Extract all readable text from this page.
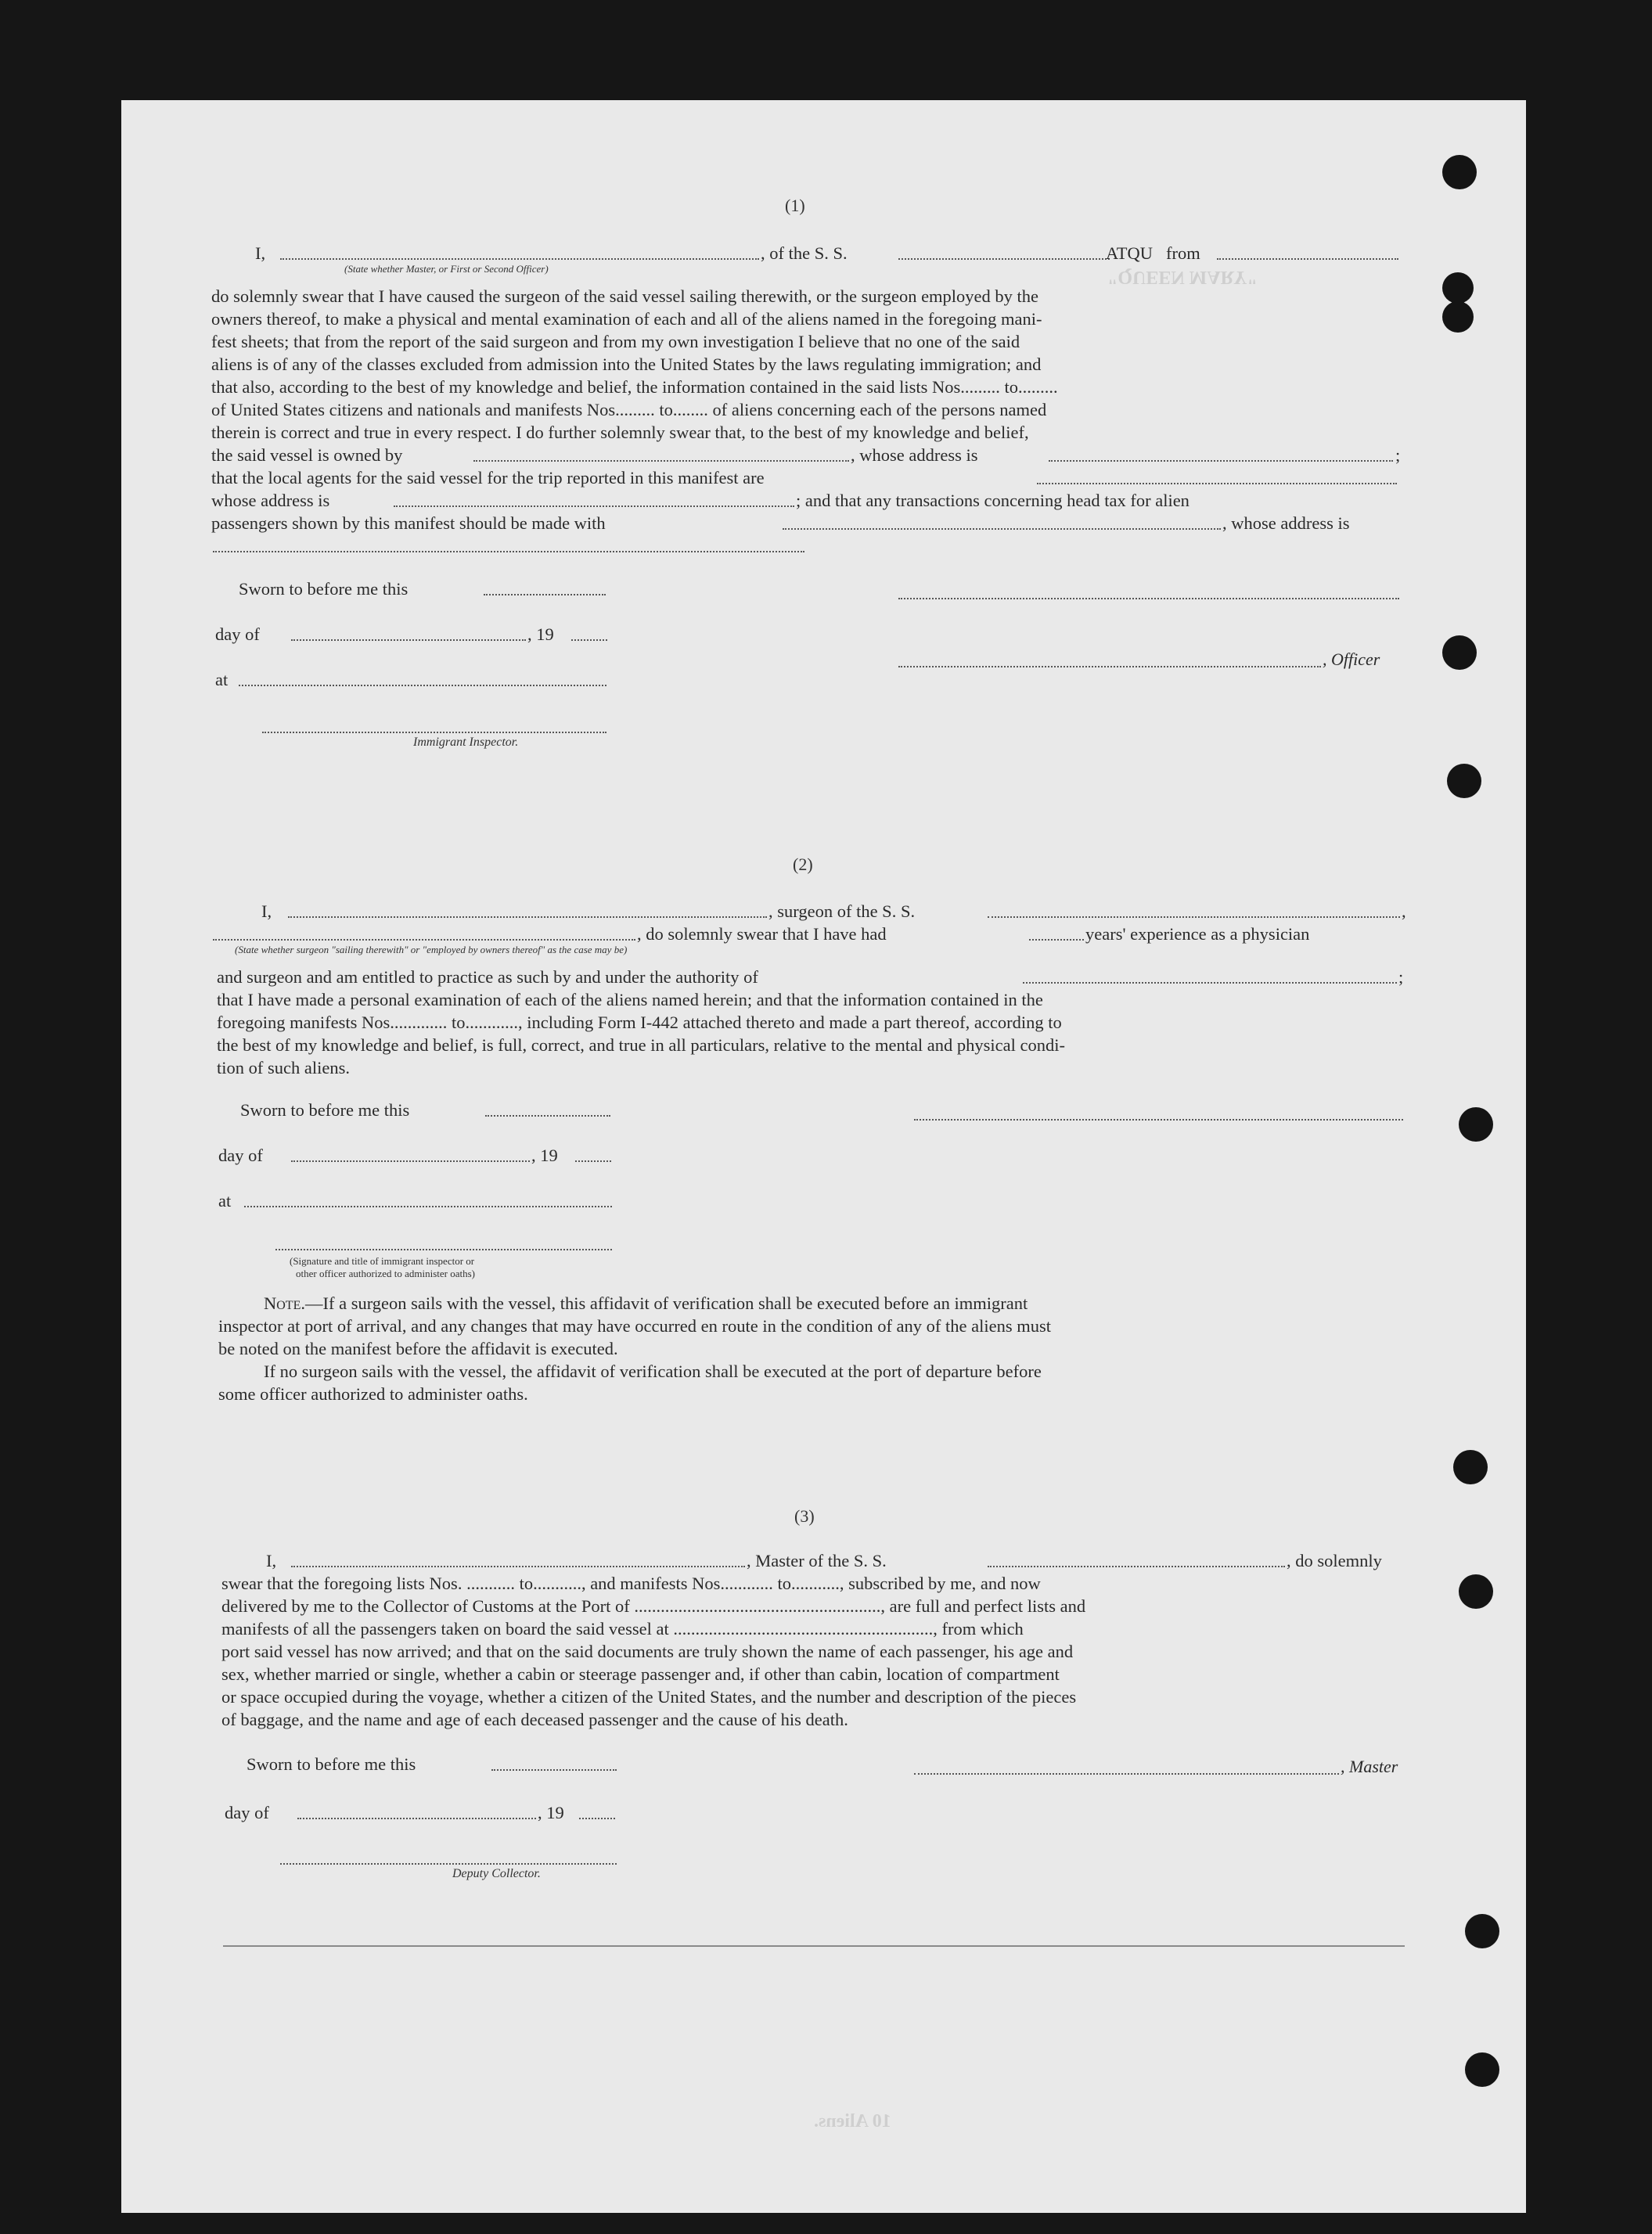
"QUEEN MARY"
10 Aliens.
(1)
I,	, of the S. S.	ATQU from
(State whether Master, or First or Second Officer)
do solemnly swear that I have caused the surgeon of the said vessel sailing therewith, or the surgeon employed by the
owners thereof, to make a physical and mental examination of each and all of the aliens named in the foregoing mani-
fest sheets; that from the report of the said surgeon and from my own investigation I believe that no one of the said
aliens is of any of the classes excluded from admission into the United States by the laws regulating immigration; and
that also, according to the best of my knowledge and belief, the information contained in the said lists Nos......... to.........
of United States citizens and nationals and manifests Nos......... to........ of aliens concerning each of the persons named
therein is correct and true in every respect. I do further solemnly swear that, to the best of my knowledge and belief,
the said vessel is owned by	, whose address is	;
that the local agents for the said vessel for the trip reported in this manifest are
whose address is	; and that any transactions concerning head tax for alien
passengers shown by this manifest should be made with	, whose address is
Sworn to before me this
day of	, 19
, Officer
at
Immigrant Inspector.
(2)
I,	, surgeon of the S. S.	,
, do solemnly swear that I have had	years' experience as a physician
(State whether surgeon "sailing therewith" or "employed by owners thereof" as the case may be)
and surgeon and am entitled to practice as such by and under the authority of	;
that I have made a personal examination of each of the aliens named herein; and that the information contained in the
foregoing manifests Nos............. to............, including Form I-442 attached thereto and made a part thereof, according to
the best of my knowledge and belief, is full, correct, and true in all particulars, relative to the mental and physical condi-
tion of such aliens.
Sworn to before me this
day of	, 19
at
(Signature and title of immigrant inspector or
other officer authorized to administer oaths)
Note.—If a surgeon sails with the vessel, this affidavit of verification shall be executed before an immigrant
inspector at port of arrival, and any changes that may have occurred en route in the condition of any of the aliens must
be noted on the manifest before the affidavit is executed.
If no surgeon sails with the vessel, the affidavit of verification shall be executed at the port of departure before
some officer authorized to administer oaths.
(3)
I,	, Master of the S. S.	, do solemnly
swear that the foregoing lists Nos. ........... to..........., and manifests Nos............ to..........., subscribed by me, and now
delivered by me to the Collector of Customs at the Port of ........................................................, are full and perfect lists and
manifests of all the passengers taken on board the said vessel at ..........................................................., from which
port said vessel has now arrived; and that on the said documents are truly shown the name of each passenger, his age and
sex, whether married or single, whether a cabin or steerage passenger and, if other than cabin, location of compartment
or space occupied during the voyage, whether a citizen of the United States, and the number and description of the pieces
of baggage, and the name and age of each deceased passenger and the cause of his death.
Sworn to before me this	, Master
day of	, 19
Deputy Collector.
